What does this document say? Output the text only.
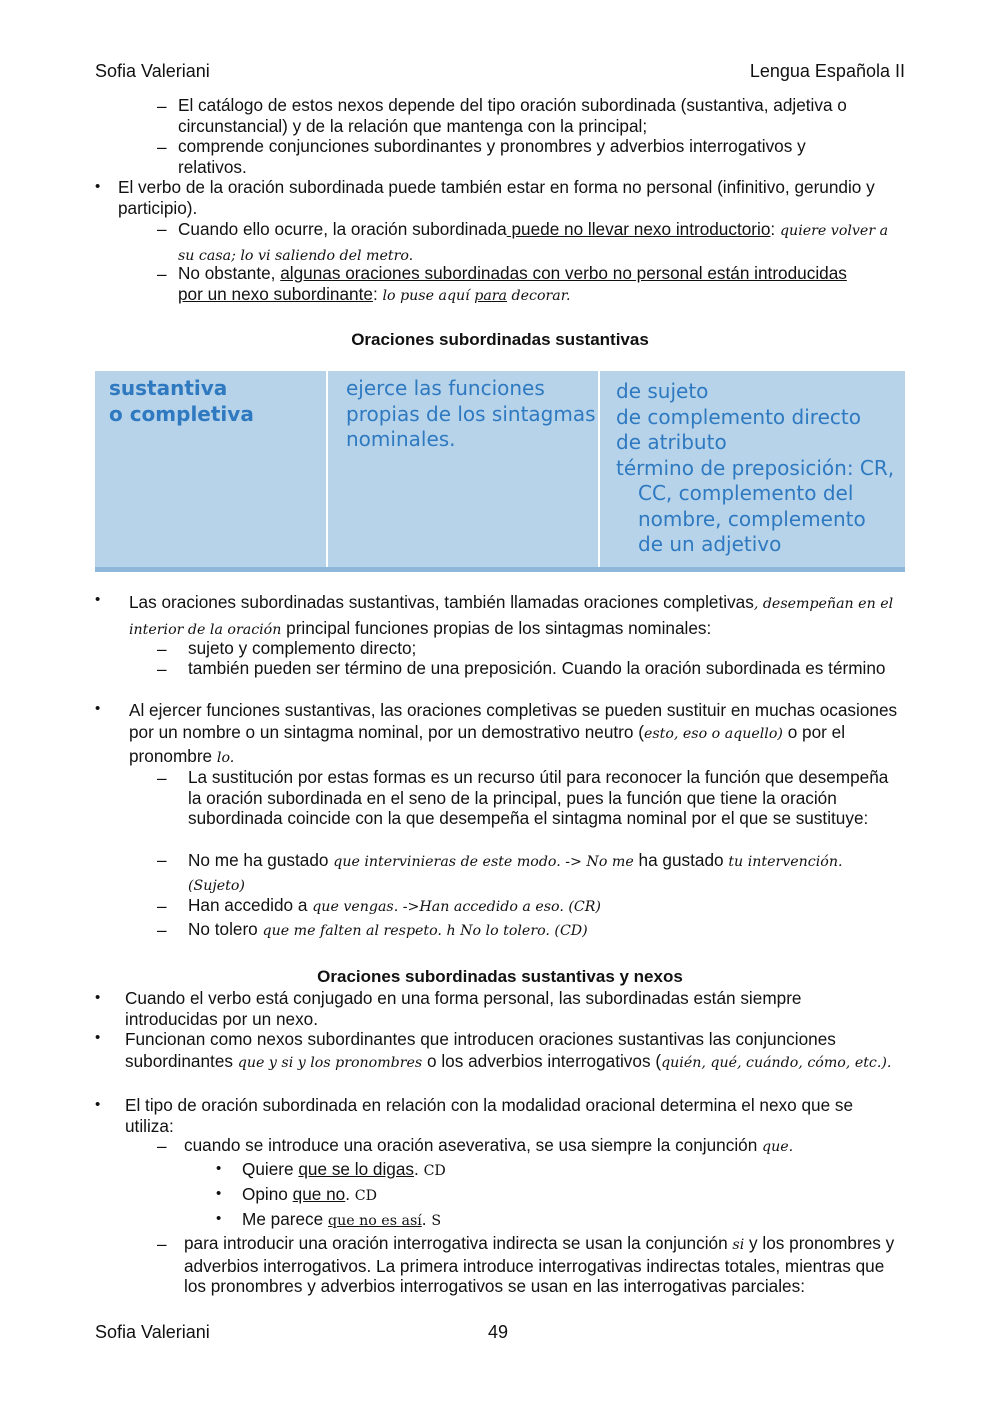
Sofia Valeriani	Lengua Española II
– El catálogo de estos nexos depende del tipo oración subordinada (sustantiva, adjetiva o circunstancial) y de la relación que mantenga con la principal;
– comprende conjunciones subordinantes y pronombres y adverbios interrogativos y relativos.
• El verbo de la oración subordinada puede también estar en forma no personal (infinitivo, gerundio y participio).
– Cuando ello ocurre, la oración subordinada puede no llevar nexo introductorio: quiere volver a su casa; lo vi saliendo del metro.
– No obstante, algunas oraciones subordinadas con verbo no personal están introducidas por un nexo subordinante: lo puse aquí para decorar.
Oraciones subordinadas sustantivas
sustantiva
o completiva
ejerce las funciones
propias de los sintagmas
nominales.
de sujeto
de complemento directo
de atributo
término de preposición: CR,
CC, complemento del
nombre, complemento
de un adjetivo
• Las oraciones subordinadas sustantivas, también llamadas oraciones completivas, desempeñan en el interior de la oración principal funciones propias de los sintagmas nominales:
– sujeto y complemento directo;
– también pueden ser término de una preposición. Cuando la oración subordinada es término
• Al ejercer funciones sustantivas, las oraciones completivas se pueden sustituir en muchas ocasiones por un nombre o un sintagma nominal, por un demostrativo neutro (esto, eso o aquello) o por el pronombre lo.
– La sustitución por estas formas es un recurso útil para reconocer la función que desempeña la oración subordinada en el seno de la principal, pues la función que tiene la oración subordinada coincide con la que desempeña el sintagma nominal por el que se sustituye:
– No me ha gustado que intervinieras de este modo. -> No me ha gustado tu intervención. (Sujeto)
– Han accedido a que vengas. ->Han accedido a eso. (CR)
– No tolero que me falten al respeto. h No lo tolero. (CD)
Oraciones subordinadas sustantivas y nexos
• Cuando el verbo está conjugado en una forma personal, las subordinadas están siempre introducidas por un nexo.
• Funcionan como nexos subordinantes que introducen oraciones sustantivas las conjunciones subordinantes que y si y los pronombres o los adverbios interrogativos (quién, qué, cuándo, cómo, etc.).
• El tipo de oración subordinada en relación con la modalidad oracional determina el nexo que se utiliza:
– cuando se introduce una oración aseverativa, se usa siempre la conjunción que.
• Quiere que se lo digas. CD
• Opino que no. CD
• Me parece que no es así. S
– para introducir una oración interrogativa indirecta se usan la conjunción si y los pronombres y adverbios interrogativos. La primera introduce interrogativas indirectas totales, mientras que los pronombres y adverbios interrogativos se usan en las interrogativas parciales:
Sofia Valeriani	49
